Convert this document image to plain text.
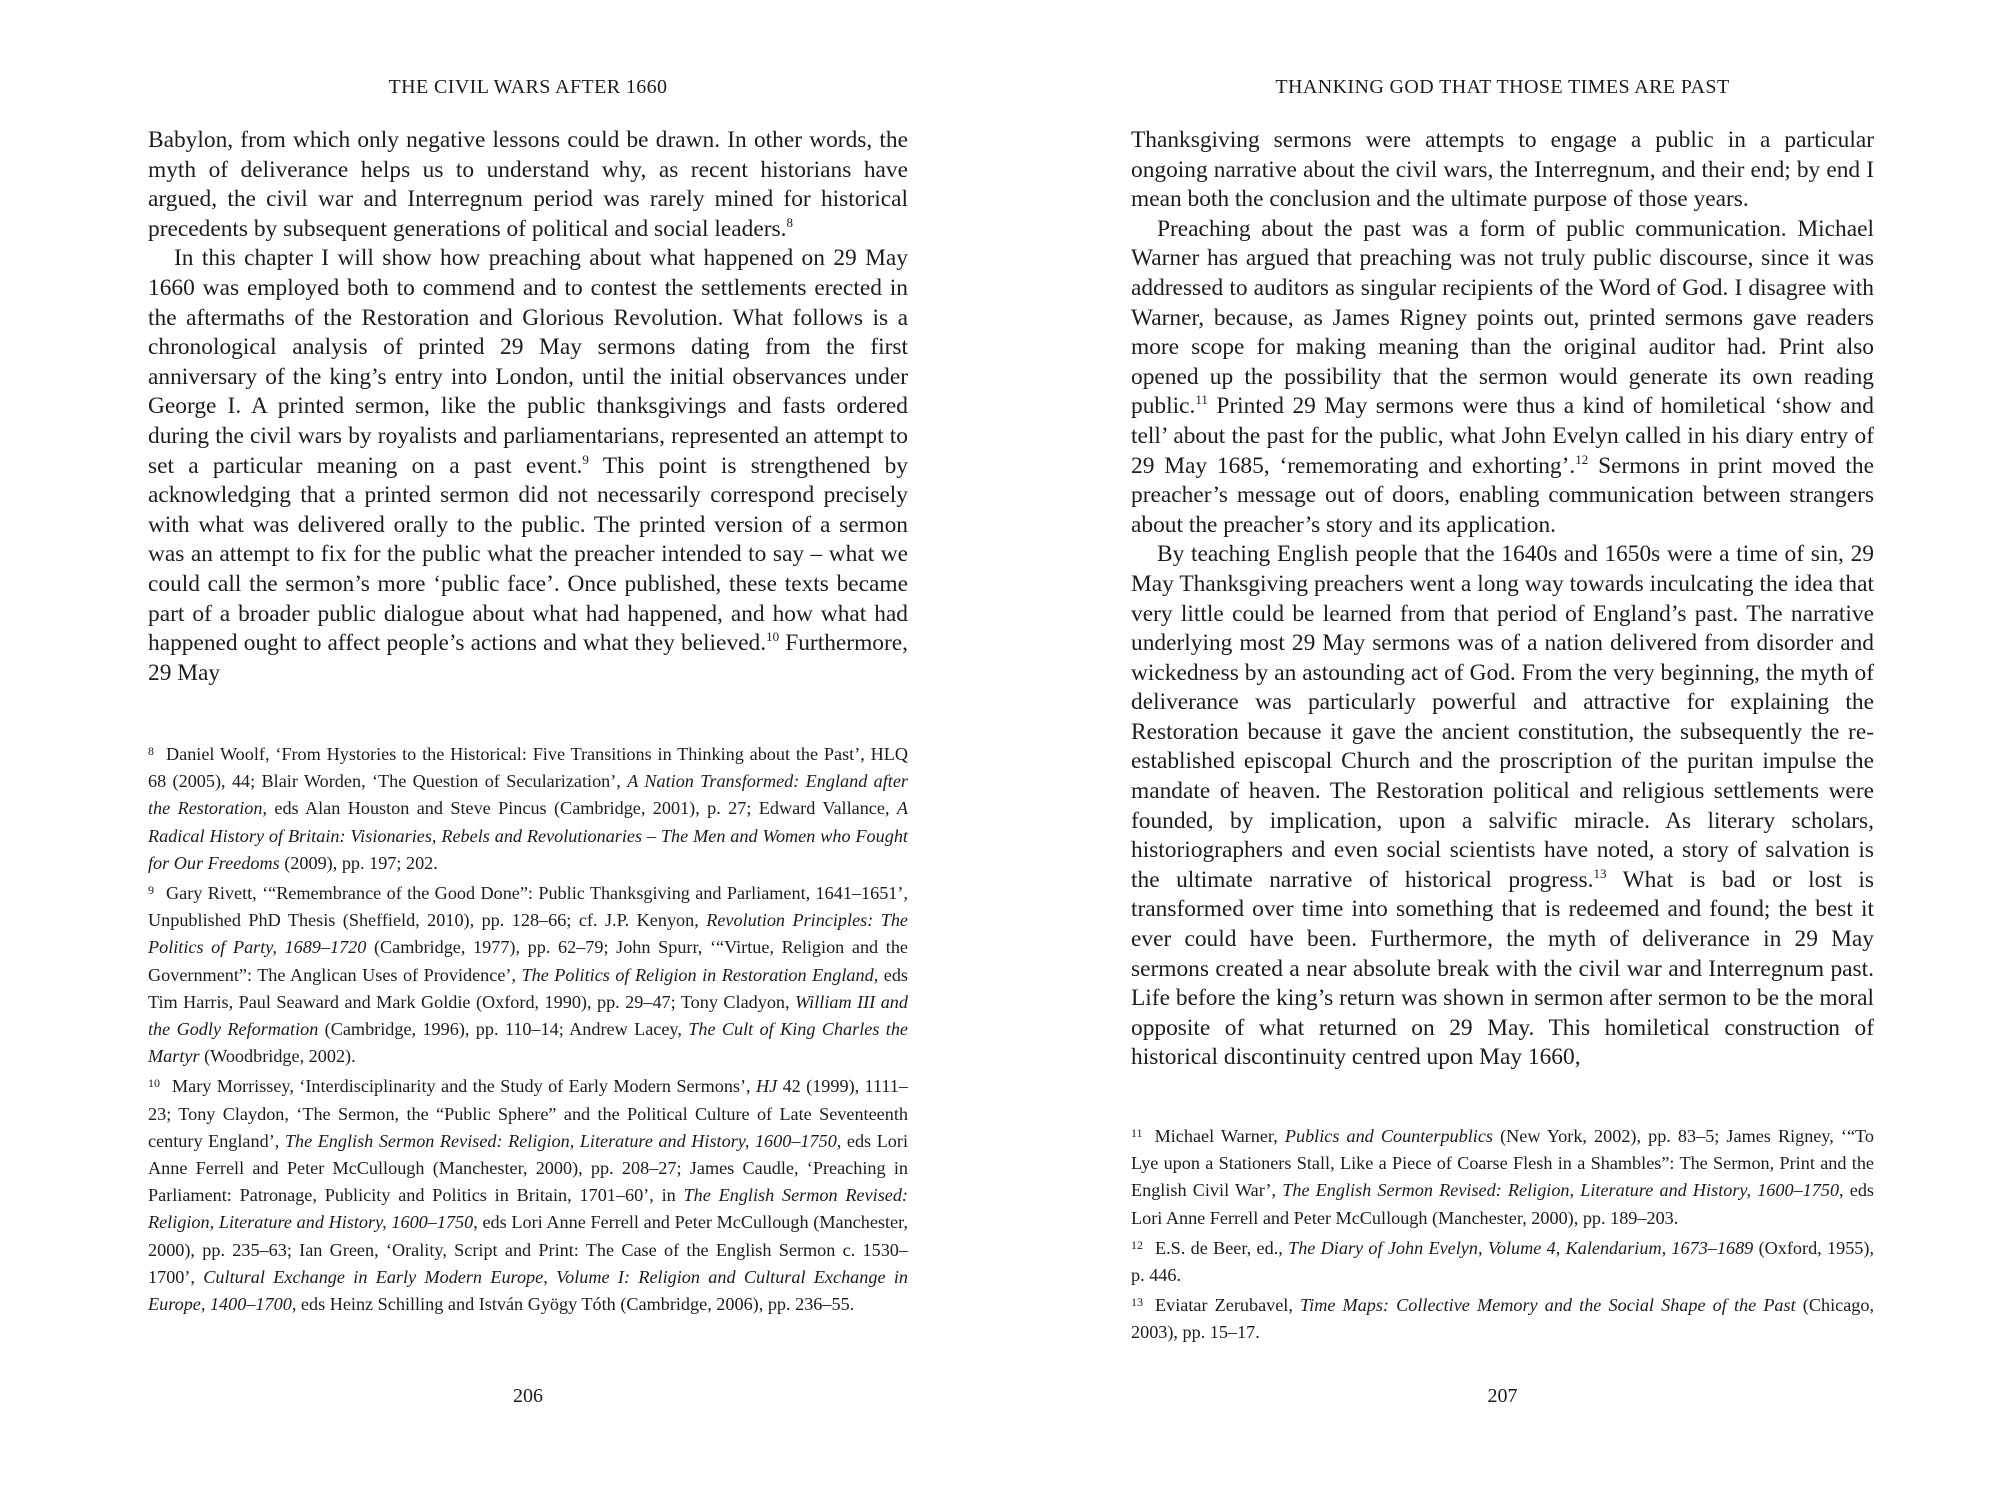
THE CIVIL WARS AFTER 1660

Babylon, from which only negative lessons could be drawn. In other words, the myth of deliverance helps us to understand why, as recent historians have argued, the civil war and Interregnum period was rarely mined for historical precedents by subsequent generations of political and social leaders.$^8$

In this chapter I will show how preaching about what happened on 29 May 1660 was employed both to commend and to contest the settlements erected in the aftermaths of the Restoration and Glorious Revolution. What follows is a chronological analysis of printed 29 May sermons dating from the first anniversary of the king’s entry into London, until the initial observances under George I. A printed sermon, like the public thanksgivings and fasts ordered during the civil wars by royalists and parliamentarians, represented an attempt to set a particular meaning on a past event.$^9$ This point is strengthened by acknowledging that a printed sermon did not necessarily correspond precisely with what was delivered orally to the public. The printed version of a sermon was an attempt to fix for the public what the preacher intended to say – what we could call the sermon’s more ‘public face’. Once published, these texts became part of a broader public dialogue about what had happened, and how what had happened ought to affect people’s actions and what they believed.$^{10}$ Furthermore, 29 May

$^8$ Daniel Woolf, ‘From Hystories to the Historical: Five Transitions in Thinking about the Past’, HLQ 68 (2005), 44; Blair Worden, ‘The Question of Secularization’, A Nation Transformed: England after the Restoration, eds Alan Houston and Steve Pincus (Cambridge, 2001), p. 27; Edward Vallance, A Radical History of Britain: Visionaries, Rebels and Revolutionaries – The Men and Women who Fought for Our Freedoms (2009), pp. 197; 202.

$^9$ Gary Rivett, ‘“Remembrance of the Good Done”: Public Thanksgiving and Parliament, 1641–1651’, Unpublished PhD Thesis (Sheffield, 2010), pp. 128–66; cf. J.P. Kenyon, Revolution Principles: The Politics of Party, 1689–1720 (Cambridge, 1977), pp. 62–79; John Spurr, ‘“Virtue, Religion and the Government”: The Anglican Uses of Providence’, The Politics of Religion in Restoration England, eds Tim Harris, Paul Seaward and Mark Goldie (Oxford, 1990), pp. 29–47; Tony Cladyon, William III and the Godly Reformation (Cambridge, 1996), pp. 110–14; Andrew Lacey, The Cult of King Charles the Martyr (Woodbridge, 2002).

$^{10}$ Mary Morrissey, ‘Interdisciplinarity and the Study of Early Modern Sermons’, HJ 42 (1999), 1111–23; Tony Claydon, ‘The Sermon, the “Public Sphere” and the Political Culture of Late Seventeenth century England’, The English Sermon Revised: Religion, Literature and History, 1600–1750, eds Lori Anne Ferrell and Peter McCullough (Manchester, 2000), pp. 208–27; James Caudle, ‘Preaching in Parliament: Patronage, Publicity and Politics in Britain, 1701–60’, in The English Sermon Revised: Religion, Literature and History, 1600–1750, eds Lori Anne Ferrell and Peter McCullough (Manchester, 2000), pp. 235–63; Ian Green, ‘Orality, Script and Print: The Case of the English Sermon c. 1530–1700’, Cultural Exchange in Early Modern Europe, Volume I: Religion and Cultural Exchange in Europe, 1400–1700, eds Heinz Schilling and István Gyögy Tóth (Cambridge, 2006), pp. 236–55.

206
THANKING GOD THAT THOSE TIMES ARE PAST

Thanksgiving sermons were attempts to engage a public in a particular ongoing narrative about the civil wars, the Interregnum, and their end; by end I mean both the conclusion and the ultimate purpose of those years.

Preaching about the past was a form of public communication. Michael Warner has argued that preaching was not truly public discourse, since it was addressed to auditors as singular recipients of the Word of God. I disagree with Warner, because, as James Rigney points out, printed sermons gave readers more scope for making meaning than the original auditor had. Print also opened up the possibility that the sermon would generate its own reading public.$^{11}$ Printed 29 May sermons were thus a kind of homiletical ‘show and tell’ about the past for the public, what John Evelyn called in his diary entry of 29 May 1685, ‘rememorating and exhorting’.$^{12}$ Sermons in print moved the preacher’s message out of doors, enabling communication between strangers about the preacher’s story and its application.

By teaching English people that the 1640s and 1650s were a time of sin, 29 May Thanksgiving preachers went a long way towards inculcating the idea that very little could be learned from that period of England’s past. The narrative underlying most 29 May sermons was of a nation delivered from disorder and wickedness by an astounding act of God. From the very beginning, the myth of deliverance was particularly powerful and attractive for explaining the Restoration because it gave the ancient constitution, the subsequently the re-established episcopal Church and the proscription of the puritan impulse the mandate of heaven. The Restoration political and religious settlements were founded, by implication, upon a salvific miracle. As literary scholars, historiographers and even social scientists have noted, a story of salvation is the ultimate narrative of historical progress.$^{13}$ What is bad or lost is transformed over time into something that is redeemed and found; the best it ever could have been. Furthermore, the myth of deliverance in 29 May sermons created a near absolute break with the civil war and Interregnum past. Life before the king’s return was shown in sermon after sermon to be the moral opposite of what returned on 29 May. This homiletical construction of historical discontinuity centred upon May 1660,

$^{11}$ Michael Warner, Publics and Counterpublics (New York, 2002), pp. 83–5; James Rigney, ‘“To Lye upon a Stationers Stall, Like a Piece of Coarse Flesh in a Shambles”: The Sermon, Print and the English Civil War’, The English Sermon Revised: Religion, Literature and History, 1600–1750, eds Lori Anne Ferrell and Peter McCullough (Manchester, 2000), pp. 189–203.

$^{12}$ E.S. de Beer, ed., The Diary of John Evelyn, Volume 4, Kalendarium, 1673–1689 (Oxford, 1955), p. 446.

$^{13}$ Eviatar Zerubavel, Time Maps: Collective Memory and the Social Shape of the Past (Chicago, 2003), pp. 15–17.

207
